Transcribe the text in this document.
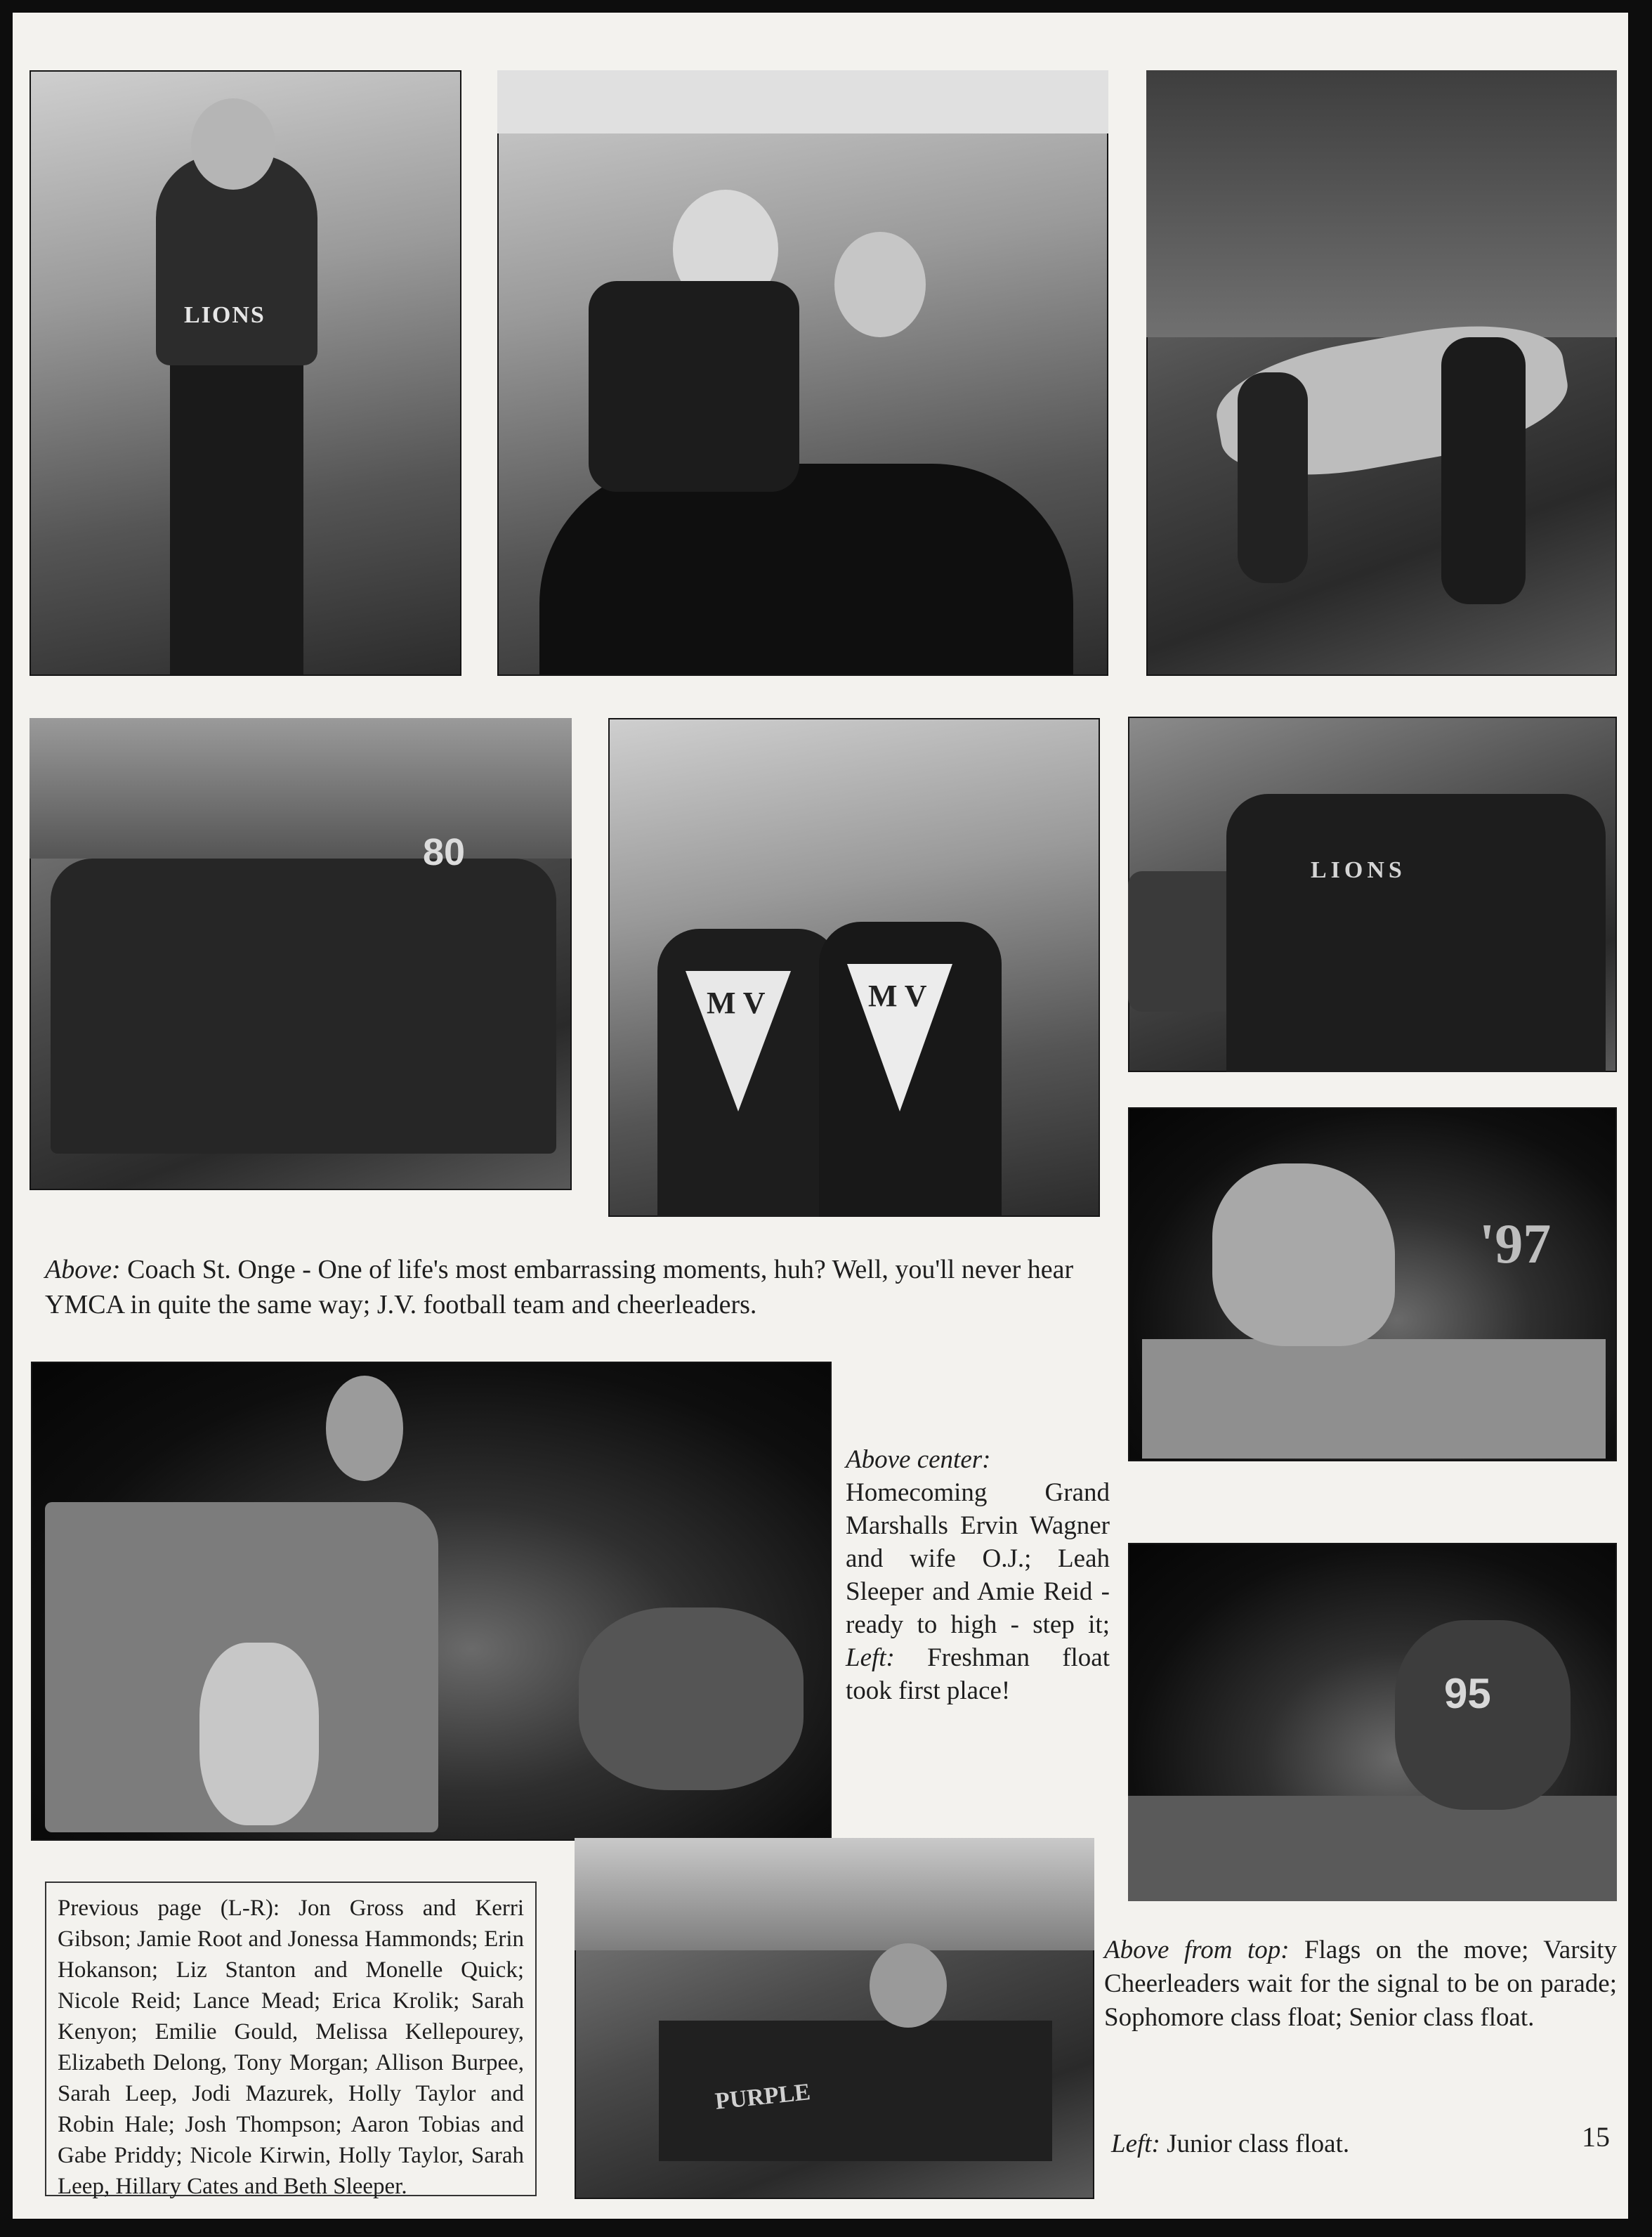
LIONS
80
M V	M V
LIONS
'97
95
Above: Coach St. Onge - One of life's most embarrassing moments, huh? Well, you'll never hear YMCA in quite the same way; J.V. football team and cheerleaders.
Above center:
Homecoming Grand Marshalls Ervin Wagner and wife O.J.; Leah Sleeper and Amie Reid - ready to high - step it; Left: Freshman float took first place!
Previous page (L-R): Jon Gross and Kerri Gibson; Jamie Root and Jonessa Hammonds; Erin Hokanson; Liz Stanton and Monelle Quick; Nicole Reid; Lance Mead; Erica Krolik; Sarah Kenyon; Emilie Gould, Melissa Kellepourey, Elizabeth Delong, Tony Morgan; Allison Burpee, Sarah Leep, Jodi Mazurek, Holly Taylor and Robin Hale; Josh Thompson; Aaron Tobias and Gabe Priddy; Nicole Kirwin, Holly Taylor, Sarah Leep, Hillary Cates and Beth Sleeper.
PURPLE
Above from top: Flags on the move; Varsity Cheerleaders wait for the signal to be on parade; Sophomore class float; Senior class float.
Left: Junior class float.	15
